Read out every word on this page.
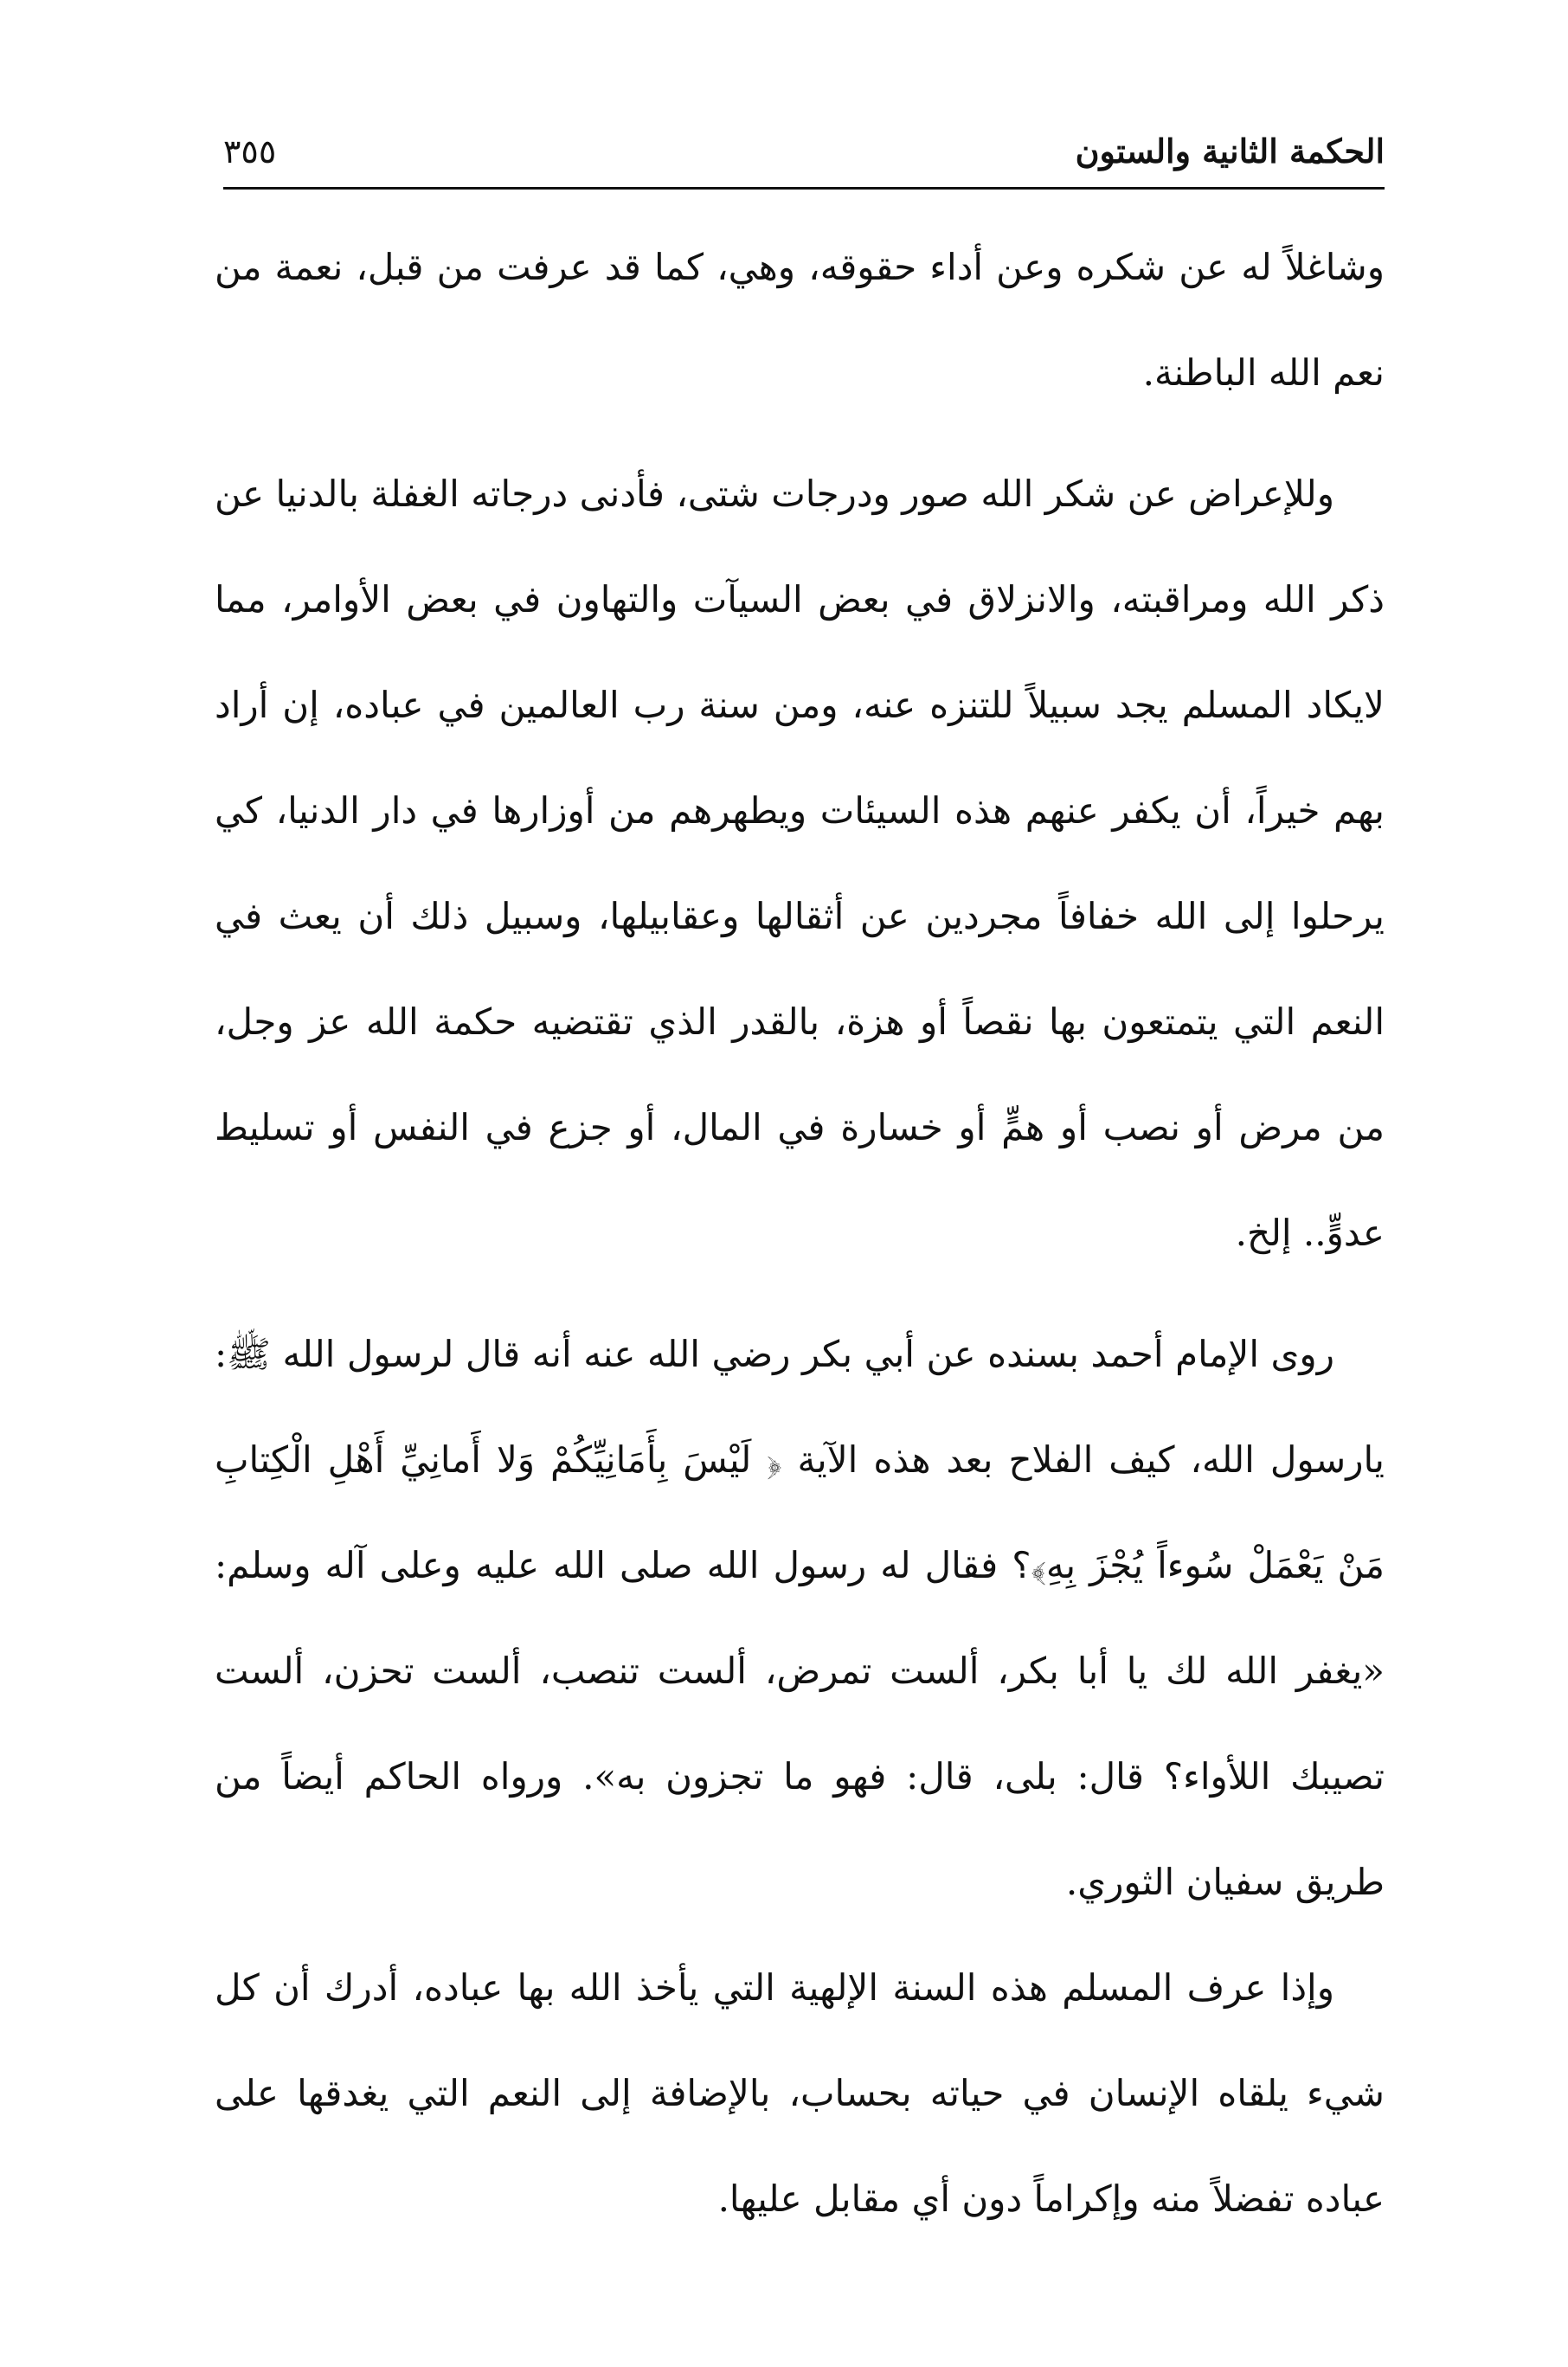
الحكمة الثانية والستون
٣٥٥

وشاغلاً له عن شكره وعن أداء حقوقه، وهي، كما قد عرفت من قبل، نعمة من نعم الله الباطنة.

وللإعراض عن شكر الله صور ودرجات شتى، فأدنى درجاته الغفلة بالدنيا عن ذكر الله ومراقبته، والانزلاق في بعض السيآت والتهاون في بعض الأوامر، مما لايكاد المسلم يجد سبيلاً للتنزه عنه، ومن سنة رب العالمين في عباده، إن أراد بهم خيراً، أن يكفر عنهم هذه السيئات ويطهرهم من أوزارها في دار الدنيا، كي يرحلوا إلى الله خفافاً مجردين عن أثقالها وعقابيلها، وسبيل ذلك أن يعث في النعم التي يتمتعون بها نقصاً أو هزة، بالقدر الذي تقتضيه حكمة الله عز وجل، من مرض أو نصب أو همٍّ أو خسارة في المال، أو جزع في النفس أو تسليط عدوٍّ.. إلخ.

روى الإمام أحمد بسنده عن أبي بكر رضي الله عنه أنه قال لرسول الله ﷺ: يارسول الله، كيف الفلاح بعد هذه الآية ﴿ لَيْسَ بِأَمَانِيِّكُمْ وَلا أَمانِيِّ أَهْلِ الْكِتابِ مَنْ يَعْمَلْ سُوءاً يُجْزَ بِهِ﴾؟ فقال له رسول الله صلى الله عليه وعلى آله وسلم: «يغفر الله لك يا أبا بكر، ألست تمرض، ألست تنصب، ألست تحزن، ألست تصيبك اللأواء؟ قال: بلى، قال: فهو ما تجزون به». ورواه الحاكم أيضاً من طريق سفيان الثوري.

وإذا عرف المسلم هذه السنة الإلهية التي يأخذ الله بها عباده، أدرك أن كل شيء يلقاه الإنسان في حياته بحساب، بالإضافة إلى النعم التي يغدقها على عباده تفضلاً منه وإكراماً دون أي مقابل عليها.
